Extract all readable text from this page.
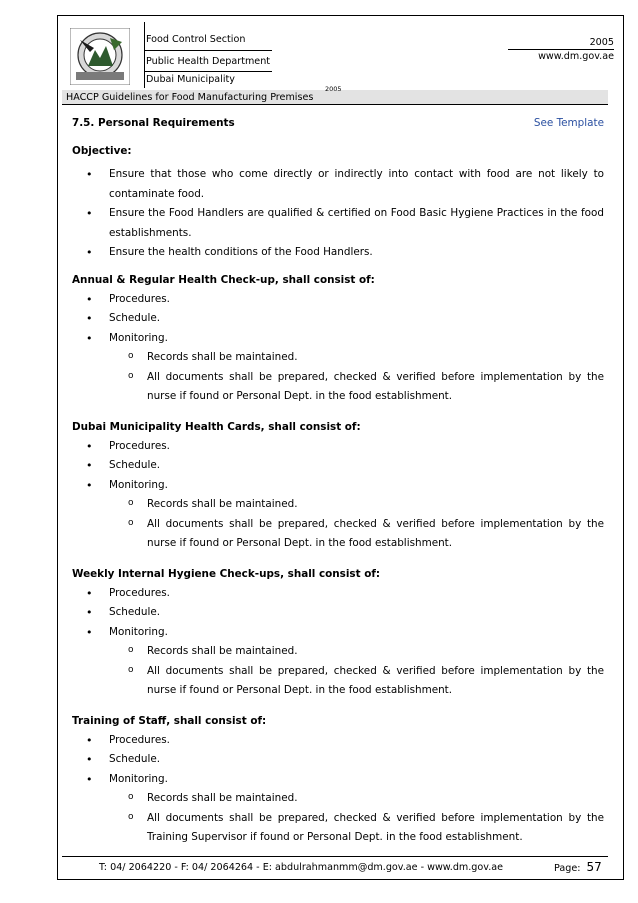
Food Control Section
Public Health Department
Dubai Municipality
2005
www.dm.gov.ae
HACCP Guidelines for Food Manufacturing Premises
2005
7.5. Personal Requirements	See Template
Objective:
• Ensure that those who come directly or indirectly into contact with food are not likely to contaminate food.
• Ensure the Food Handlers are qualified & certified on Food Basic Hygiene Practices in the food establishments.
• Ensure the health conditions of the Food Handlers.
Annual & Regular Health Check-up, shall consist of:
• Procedures.
• Schedule.
• Monitoring.
o Records shall be maintained.
o All documents shall be prepared, checked & verified before implementation by the nurse if found or Personal Dept. in the food establishment.
Dubai Municipality Health Cards, shall consist of:
• Procedures.
• Schedule.
• Monitoring.
o Records shall be maintained.
o All documents shall be prepared, checked & verified before implementation by the nurse if found or Personal Dept. in the food establishment.
Weekly Internal Hygiene Check-ups, shall consist of:
• Procedures.
• Schedule.
• Monitoring.
o Records shall be maintained.
o All documents shall be prepared, checked & verified before implementation by the nurse if found or Personal Dept. in the food establishment.
Training of Staff, shall consist of:
• Procedures.
• Schedule.
• Monitoring.
o Records shall be maintained.
o All documents shall be prepared, checked & verified before implementation by the Training Supervisor if found or Personal Dept. in the food establishment.
T: 04/ 2064220 - F: 04/ 2064264 - E: abdulrahmanmm@dm.gov.ae - www.dm.gov.ae	Page: 57
